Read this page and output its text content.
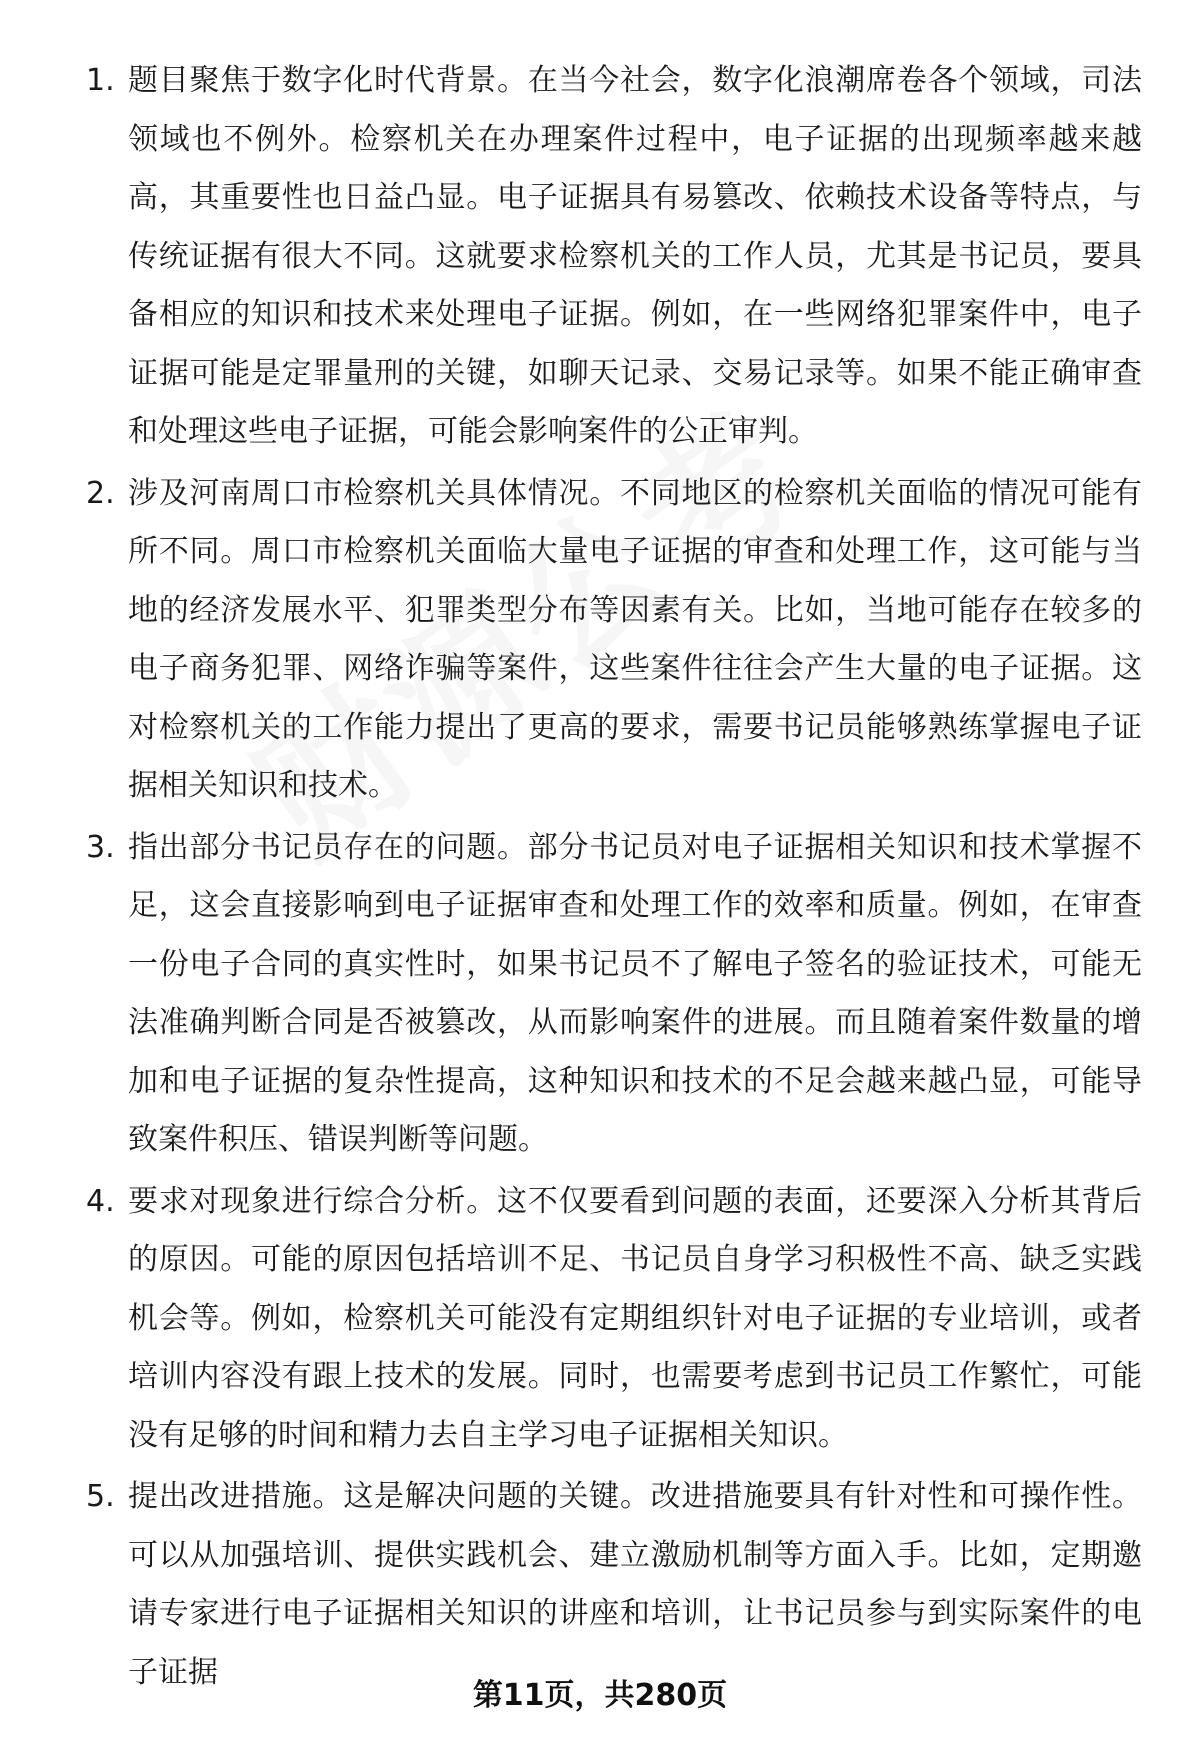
1. 题目聚焦于数字化时代背景。在当今社会，数字化浪潮席卷各个领域，司法领域也不例外。检察机关在办理案件过程中，电子证据的出现频率越来越高，其重要性也日益凸显。电子证据具有易篡改、依赖技术设备等特点，与传统证据有很大不同。这就要求检察机关的工作人员，尤其是书记员，要具备相应的知识和技术来处理电子证据。例如，在一些网络犯罪案件中，电子证据可能是定罪量刑的关键，如聊天记录、交易记录等。如果不能正确审查和处理这些电子证据，可能会影响案件的公正审判。
2. 涉及河南周口市检察机关具体情况。不同地区的检察机关面临的情况可能有所不同。周口市检察机关面临大量电子证据的审查和处理工作，这可能与当地的经济发展水平、犯罪类型分布等因素有关。比如，当地可能存在较多的电子商务犯罪、网络诈骗等案件，这些案件往往会产生大量的电子证据。这对检察机关的工作能力提出了更高的要求，需要书记员能够熟练掌握电子证据相关知识和技术。
3. 指出部分书记员存在的问题。部分书记员对电子证据相关知识和技术掌握不足，这会直接影响到电子证据审查和处理工作的效率和质量。例如，在审查一份电子合同的真实性时，如果书记员不了解电子签名的验证技术，可能无法准确判断合同是否被篡改，从而影响案件的进展。而且随着案件数量的增加和电子证据的复杂性提高，这种知识和技术的不足会越来越凸显，可能导致案件积压、错误判断等问题。
4. 要求对现象进行综合分析。这不仅要看到问题的表面，还要深入分析其背后的原因。可能的原因包括培训不足、书记员自身学习积极性不高、缺乏实践机会等。例如，检察机关可能没有定期组织针对电子证据的专业培训，或者培训内容没有跟上技术的发展。同时，也需要考虑到书记员工作繁忙，可能没有足够的时间和精力去自主学习电子证据相关知识。
5. 提出改进措施。这是解决问题的关键。改进措施要具有针对性和可操作性。可以从加强培训、提供实践机会、建立激励机制等方面入手。比如，定期邀请专家进行电子证据相关知识的讲座和培训，让书记员参与到实际案件的电子证据
第11页，共280页
